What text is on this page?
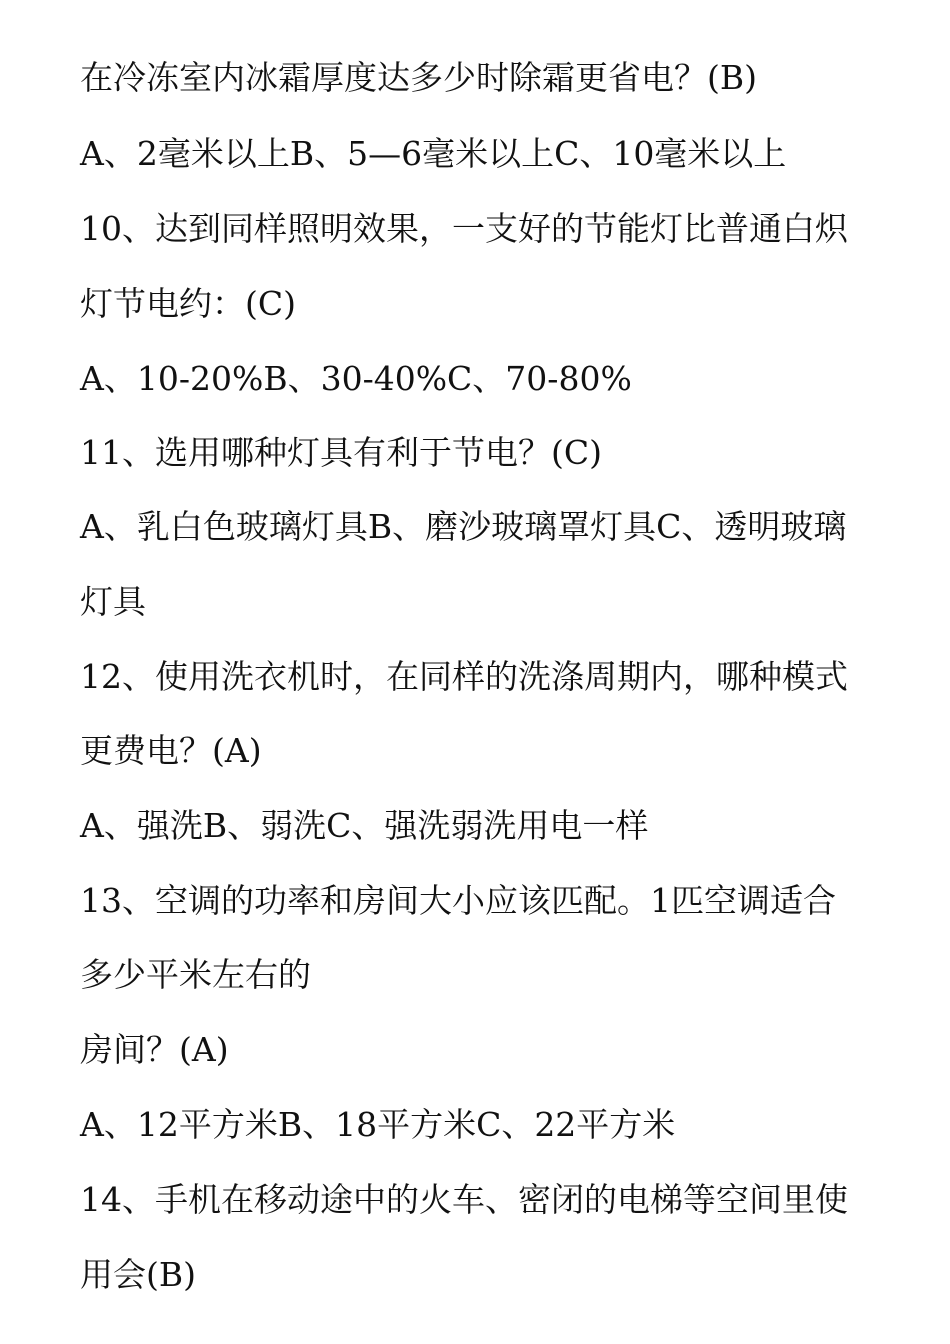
在冷冻室内冰霜厚度达多少时除霜更省电？(B)

A、2毫米以上B、5—6毫米以上C、10毫米以上

10、达到同样照明效果，一支好的节能灯比普通白炽

灯节电约：(C)

A、10-20%B、30-40%C、70-80%

11、选用哪种灯具有利于节电？(C)

A、乳白色玻璃灯具B、磨沙玻璃罩灯具C、透明玻璃

灯具

12、使用洗衣机时，在同样的洗涤周期内，哪种模式

更费电？(A)

A、强洗B、弱洗C、强洗弱洗用电一样

13、空调的功率和房间大小应该匹配。1匹空调适合

多少平米左右的

房间？(A)

A、12平方米B、18平方米C、22平方米

14、手机在移动途中的火车、密闭的电梯等空间里使

用会(B)
